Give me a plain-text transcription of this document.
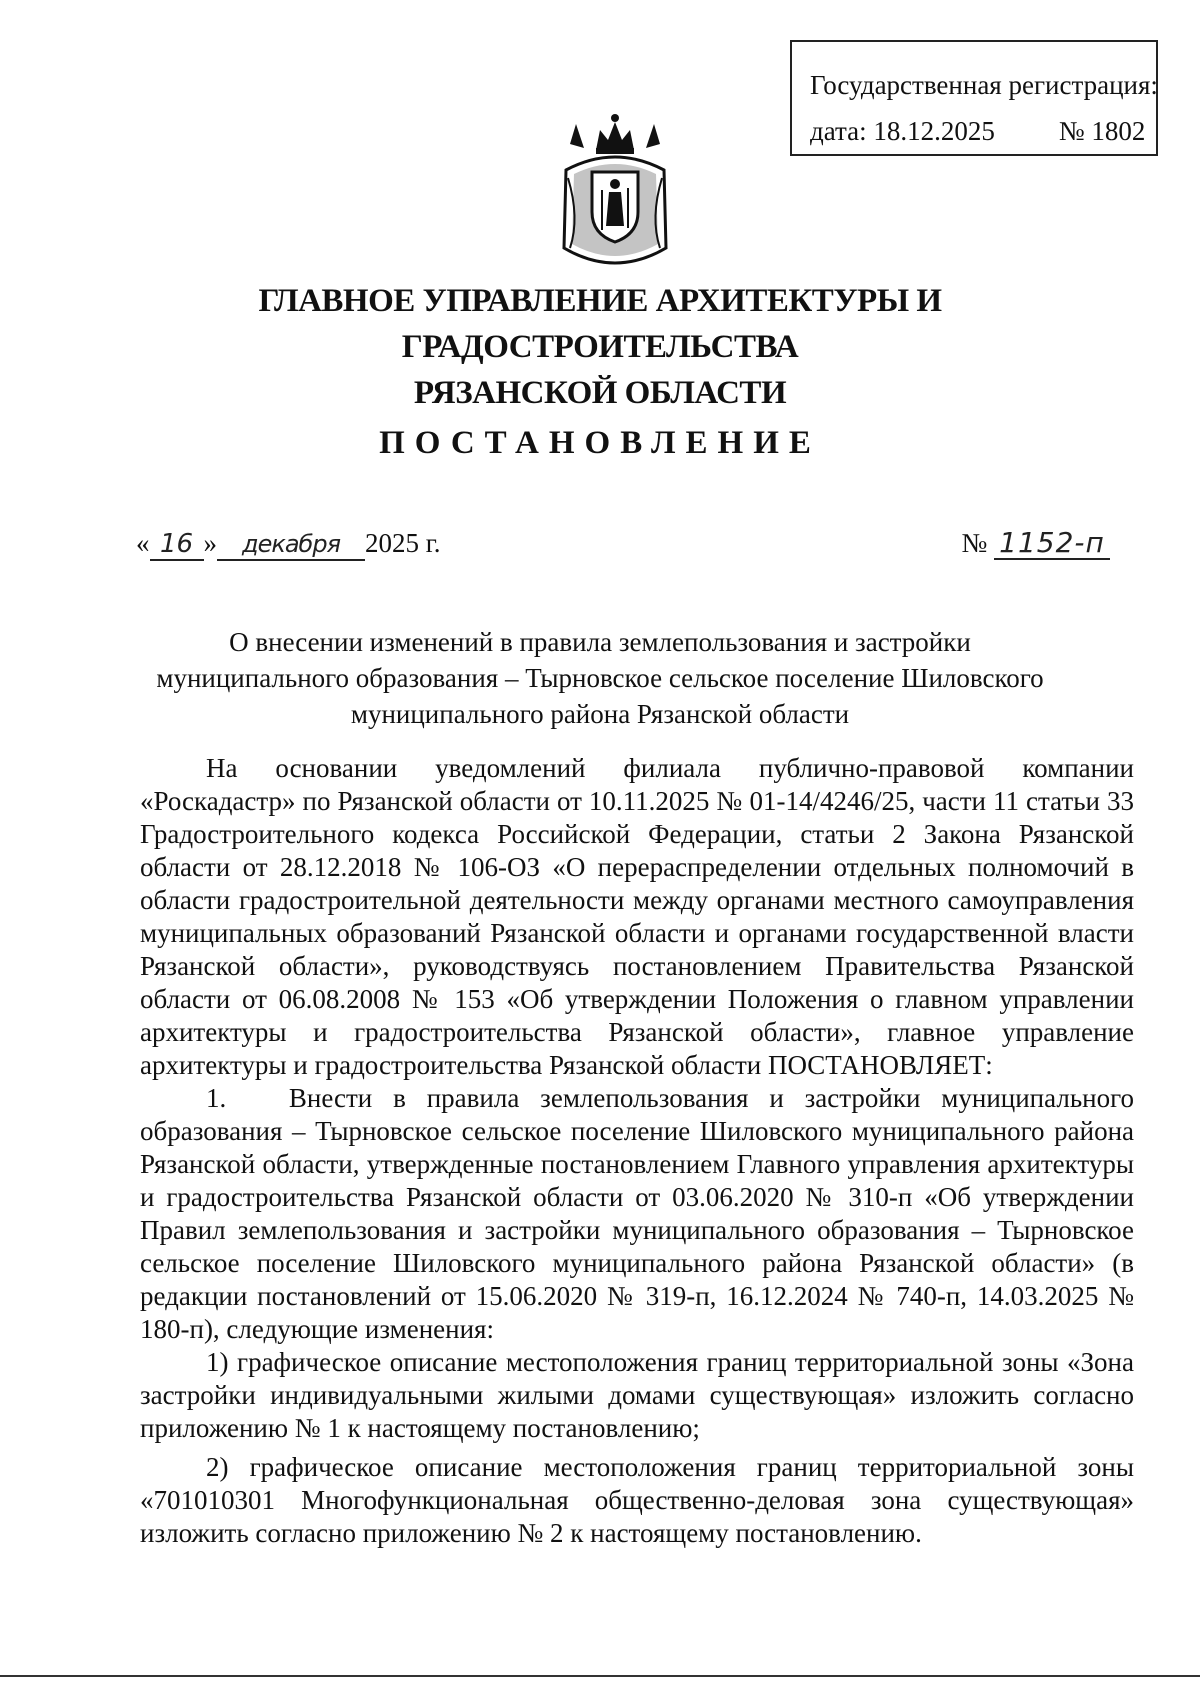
Государственная регистрация:
дата: 18.12.2025 № 1802
ГЛАВНОЕ УПРАВЛЕНИЕ АРХИТЕКТУРЫ И ГРАДОСТРОИТЕЛЬСТВА
РЯЗАНСКОЙ ОБЛАСТИ
ПОСТАНОВЛЕНИЕ
« 16 » декабря 2025 г.	№ 1152-п
О внесении изменений в правила землепользования и застройки
муниципального образования – Тырновское сельское поселение Шиловского
муниципального района Рязанской области

На основании уведомлений филиала публично-правовой компании «Роскадастр» по Рязанской области от 10.11.2025 № 01-14/4246/25, части 11 статьи 33 Градостроительного кодекса Российской Федерации, статьи 2 Закона Рязанской области от 28.12.2018 № 106-ОЗ «О перераспределении отдельных полномочий в области градостроительной деятельности между органами местного самоуправления муниципальных образований Рязанской области и органами государственной власти Рязанской области», руководствуясь постановлением Правительства Рязанской области от 06.08.2008 № 153 «Об утверждении Положения о главном управлении архитектуры и градостроительства Рязанской области», главное управление архитектуры и градостроительства Рязанской области ПОСТАНОВЛЯЕТ:

1.   Внести в правила землепользования и застройки муниципального образования – Тырновское сельское поселение Шиловского муниципального района Рязанской области, утвержденные постановлением Главного управления архитектуры и градостроительства Рязанской области от 03.06.2020 № 310-п «Об утверждении Правил землепользования и застройки муниципального образования – Тырновское сельское поселение Шиловского муниципального района Рязанской области» (в редакции постановлений от 15.06.2020 № 319-п, 16.12.2024 № 740-п, 14.03.2025 № 180-п), следующие изменения:

1) графическое описание местоположения границ территориальной зоны «Зона застройки индивидуальными жилыми домами существующая» изложить согласно приложению № 1 к настоящему постановлению;

2) графическое описание местоположения границ территориальной зоны «701010301 Многофункциональная общественно-деловая зона существующая» изложить согласно приложению № 2 к настоящему постановлению.
